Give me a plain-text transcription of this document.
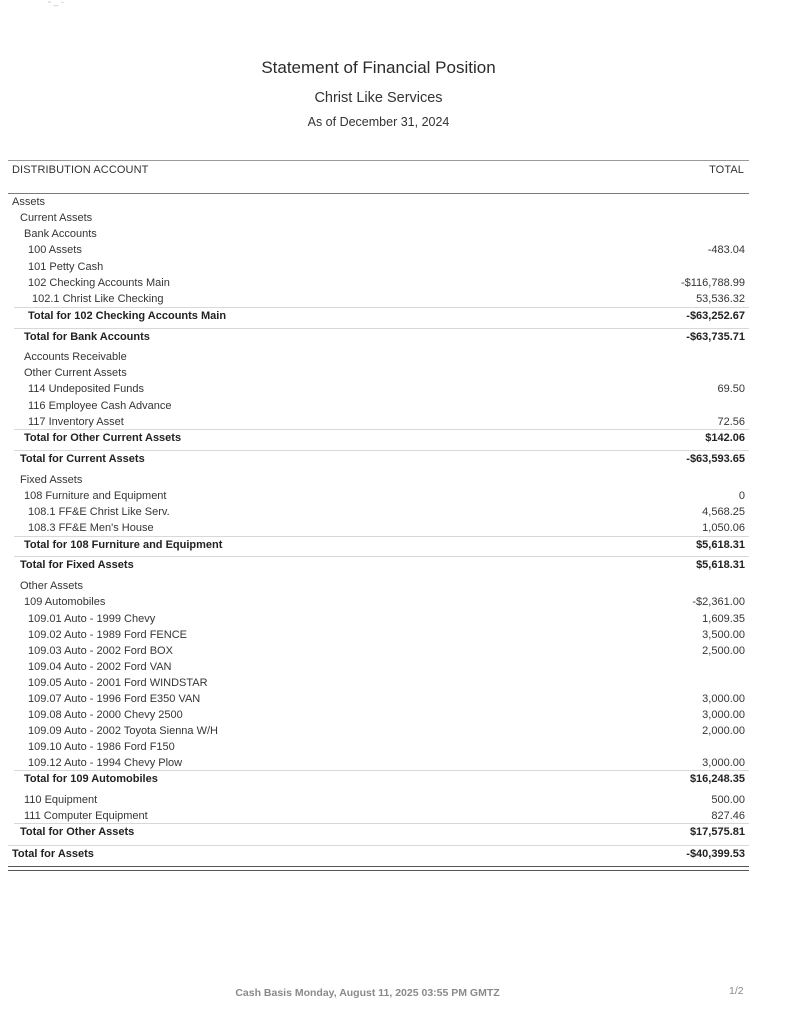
˜ ‒ ˉ
Statement of Financial Position
Christ Like Services
As of December 31, 2024
DISTRIBUTION ACCOUNT	TOTAL
Assets
Current Assets
Bank Accounts
100 Assets	-483.04
101 Petty Cash
102 Checking Accounts Main	-$116,788.99
102.1 Christ Like Checking	53,536.32
Total for 102 Checking Accounts Main	-$63,252.67
Total for Bank Accounts	-$63,735.71
Accounts Receivable
Other Current Assets
114 Undeposited Funds	69.50
116 Employee Cash Advance
117 Inventory Asset	72.56
Total for Other Current Assets	$142.06
Total for Current Assets	-$63,593.65
Fixed Assets
108 Furniture and Equipment	0
108.1 FF&E Christ Like Serv.	4,568.25
108.3 FF&E Men's House	1,050.06
Total for 108 Furniture and Equipment	$5,618.31
Total for Fixed Assets	$5,618.31
Other Assets
109 Automobiles	-$2,361.00
109.01 Auto - 1999 Chevy	1,609.35
109.02 Auto - 1989 Ford FENCE	3,500.00
109.03 Auto - 2002 Ford BOX	2,500.00
109.04 Auto - 2002 Ford VAN
109.05 Auto - 2001 Ford WINDSTAR
109.07 Auto - 1996 Ford E350 VAN	3,000.00
109.08 Auto - 2000 Chevy 2500	3,000.00
109.09 Auto - 2002 Toyota Sienna W/H	2,000.00
109.10 Auto - 1986 Ford F150
109.12 Auto - 1994 Chevy Plow	3,000.00
Total for 109 Automobiles	$16,248.35
110 Equipment	500.00
111 Computer Equipment	827.46
Total for Other Assets	$17,575.81
Total for Assets	-$40,399.53
Cash Basis Monday, August 11, 2025 03:55 PM GMTZ	1/2
